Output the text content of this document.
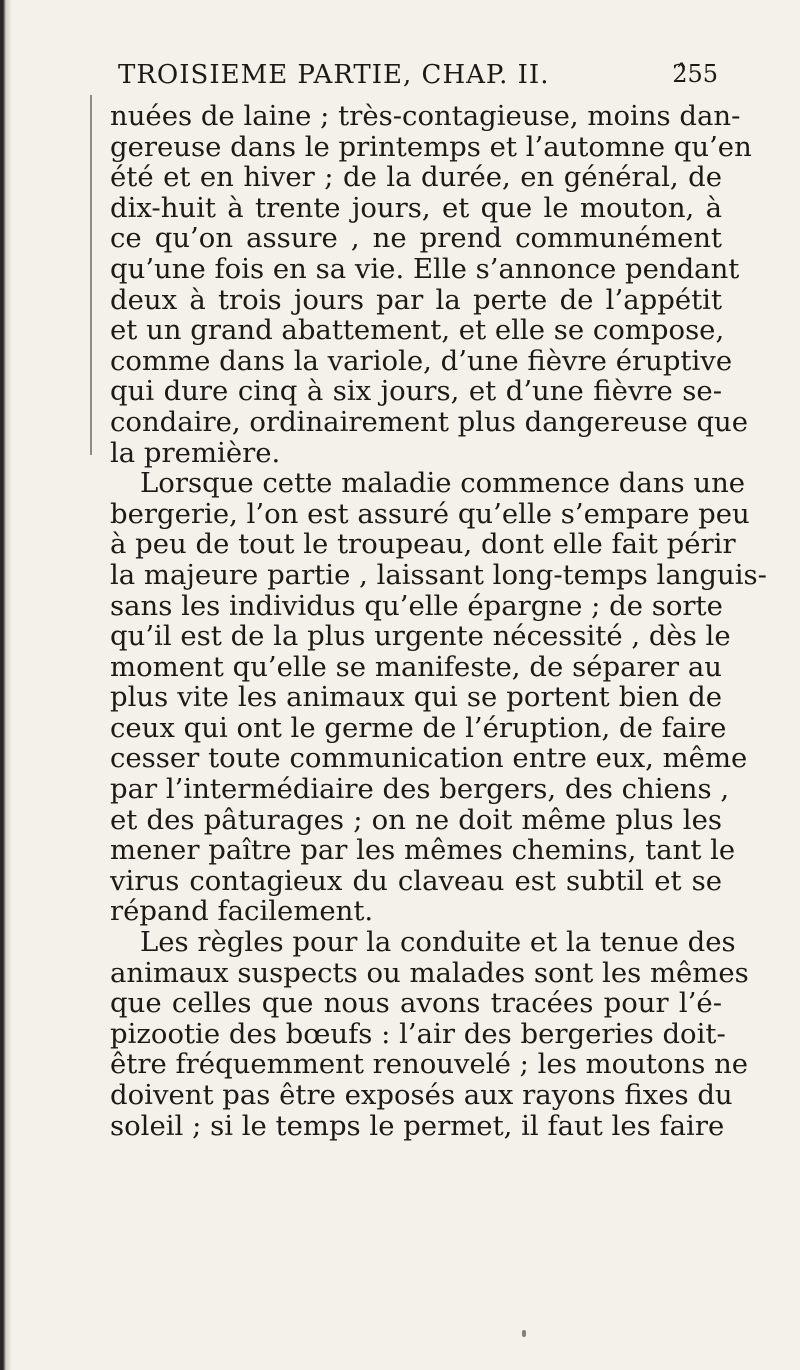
TROISIEME PARTIE, CHAP. II.	2̂55
nuées de laine ; très-contagieuse, moins dan-
gereuse dans le printemps et l’automne qu’en
été et en hiver ; de la durée, en général, de
dix-huit à trente jours, et que le mouton, à
ce qu’on assure , ne prend communément
qu’une fois en sa vie. Elle s’annonce pendant
deux à trois jours par la perte de l’appétit
et un grand abattement, et elle se compose,
comme dans la variole, d’une fièvre éruptive
qui dure cinq à six jours, et d’une fièvre se-
condaire, ordinairement plus dangereuse que
la première.
Lorsque cette maladie commence dans une
bergerie, l’on est assuré qu’elle s’empare peu
à peu de tout le troupeau, dont elle fait périr
la majeure partie , laissant long-temps languis-
sans les individus qu’elle épargne ; de sorte
qu’il est de la plus urgente nécessité , dès le
moment qu’elle se manifeste, de séparer au
plus vite les animaux qui se portent bien de
ceux qui ont le germe de l’éruption, de faire
cesser toute communication entre eux, même
par l’intermédiaire des bergers, des chiens ,
et des pâturages ; on ne doit même plus les
mener paître par les mêmes chemins, tant le
virus contagieux du claveau est subtil et se
répand facilement.
Les règles pour la conduite et la tenue des
animaux suspects ou malades sont les mêmes
que celles que nous avons tracées pour l’é-
pizootie des bœufs : l’air des bergeries doit-
être fréquemment renouvelé ; les moutons ne
doivent pas être exposés aux rayons fixes du
soleil ; si le temps le permet, il faut les faire
